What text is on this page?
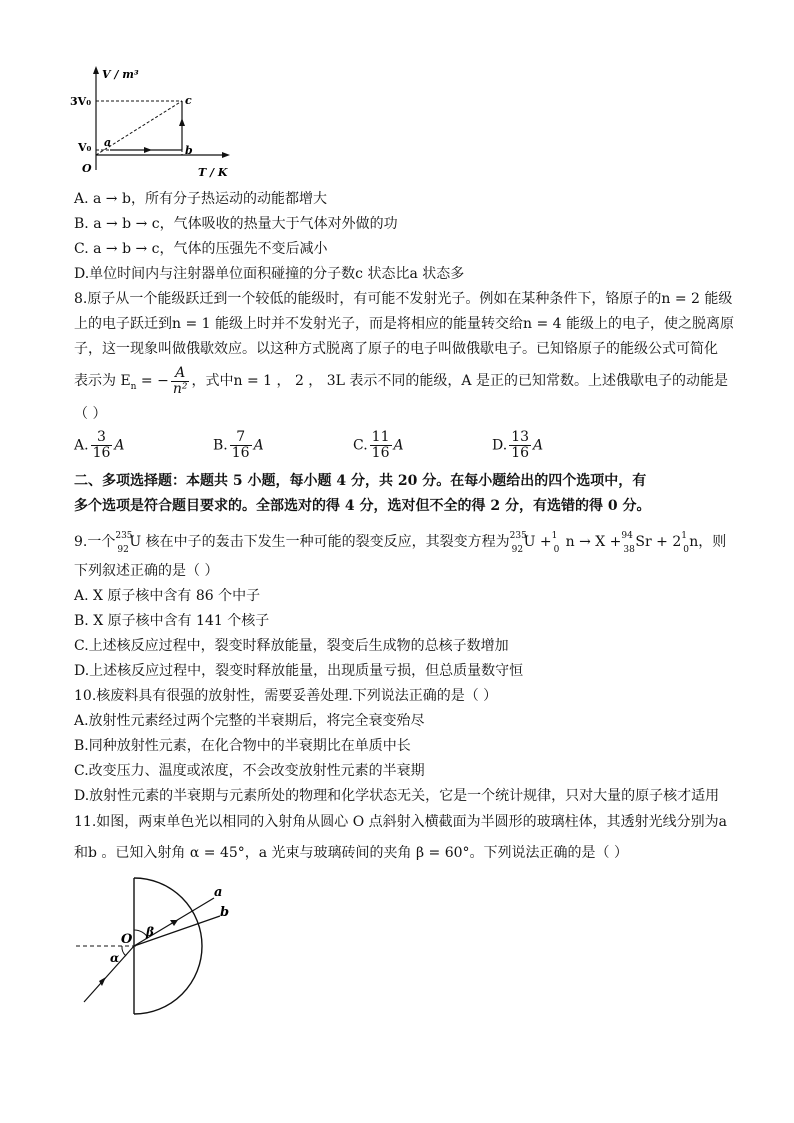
V / m³
T / K
O
3V₀
V₀ a
b
c
A. a → b，所有分子热运动的动能都增大
B. a → b → c，气体吸收的热量大于气体对外做的功
C. a → b → c，气体的压强先不变后减小
D.单位时间内与注射器单位面积碰撞的分子数c 状态比a 状态多
8.原子从一个能级跃迁到一个较低的能级时，有可能不发射光子。例如在某种条件下，铬原子的n = 2 能级
上的电子跃迁到n = 1 能级上时并不发射光子，而是将相应的能量转交给n = 4 能级上的电子，使之脱离原
子，这一现象叫做俄歇效应。以这种方式脱离了原子的电子叫做俄歇电子。已知铬原子的能级公式可简化
表示为 $E_n$ = − $\frac{A}{\text{n²}}$ ，式中n = 1 ， 2 ， 3L 表示不同的能级，A 是正的已知常数。上述俄歇电子的动能是
（ ）
A. $\frac{3}{16}$ A	B. $\frac{7}{16}$ A	C. $\frac{11}{16}$ A	D. $\frac{13}{16}$ A
二、多项选择题：本题共 5 小题，每小题 4 分，共 20 分。在每小题给出的四个选项中，有
多个选项是符合题目要求的。全部选对的得 4 分，选对但不全的得 2 分，有选错的得 0 分。
9.一个 235
92 U 核在中子的轰击下发生一种可能的裂变反应，其裂变方程为 235
92 U + 1
0 n → X + 94
38 Sr + 2 1
0 n，则
下列叙述正确的是（ ）
A. X 原子核中含有 86 个中子
B. X 原子核中含有 141 个核子
C.上述核反应过程中，裂变时释放能量，裂变后生成物的总核子数增加
D.上述核反应过程中，裂变时释放能量，出现质量亏损，但总质量数守恒
10.核废料具有很强的放射性，需要妥善处理.下列说法正确的是（ ）
A.放射性元素经过两个完整的半衰期后，将完全衰变殆尽
B.同种放射性元素，在化合物中的半衰期比在单质中长
C.改变压力、温度或浓度，不会改变放射性元素的半衰期
D.放射性元素的半衰期与元素所处的物理和化学状态无关，它是一个统计规律，只对大量的原子核才适用
11.如图，两束单色光以相同的入射角从圆心 O 点斜射入横截面为半圆形的玻璃柱体，其透射光线分别为a
和b 。已知入射角 α = 45°，a 光束与玻璃砖间的夹角 β = 60°。下列说法正确的是（ ）
O β
α
a
b
